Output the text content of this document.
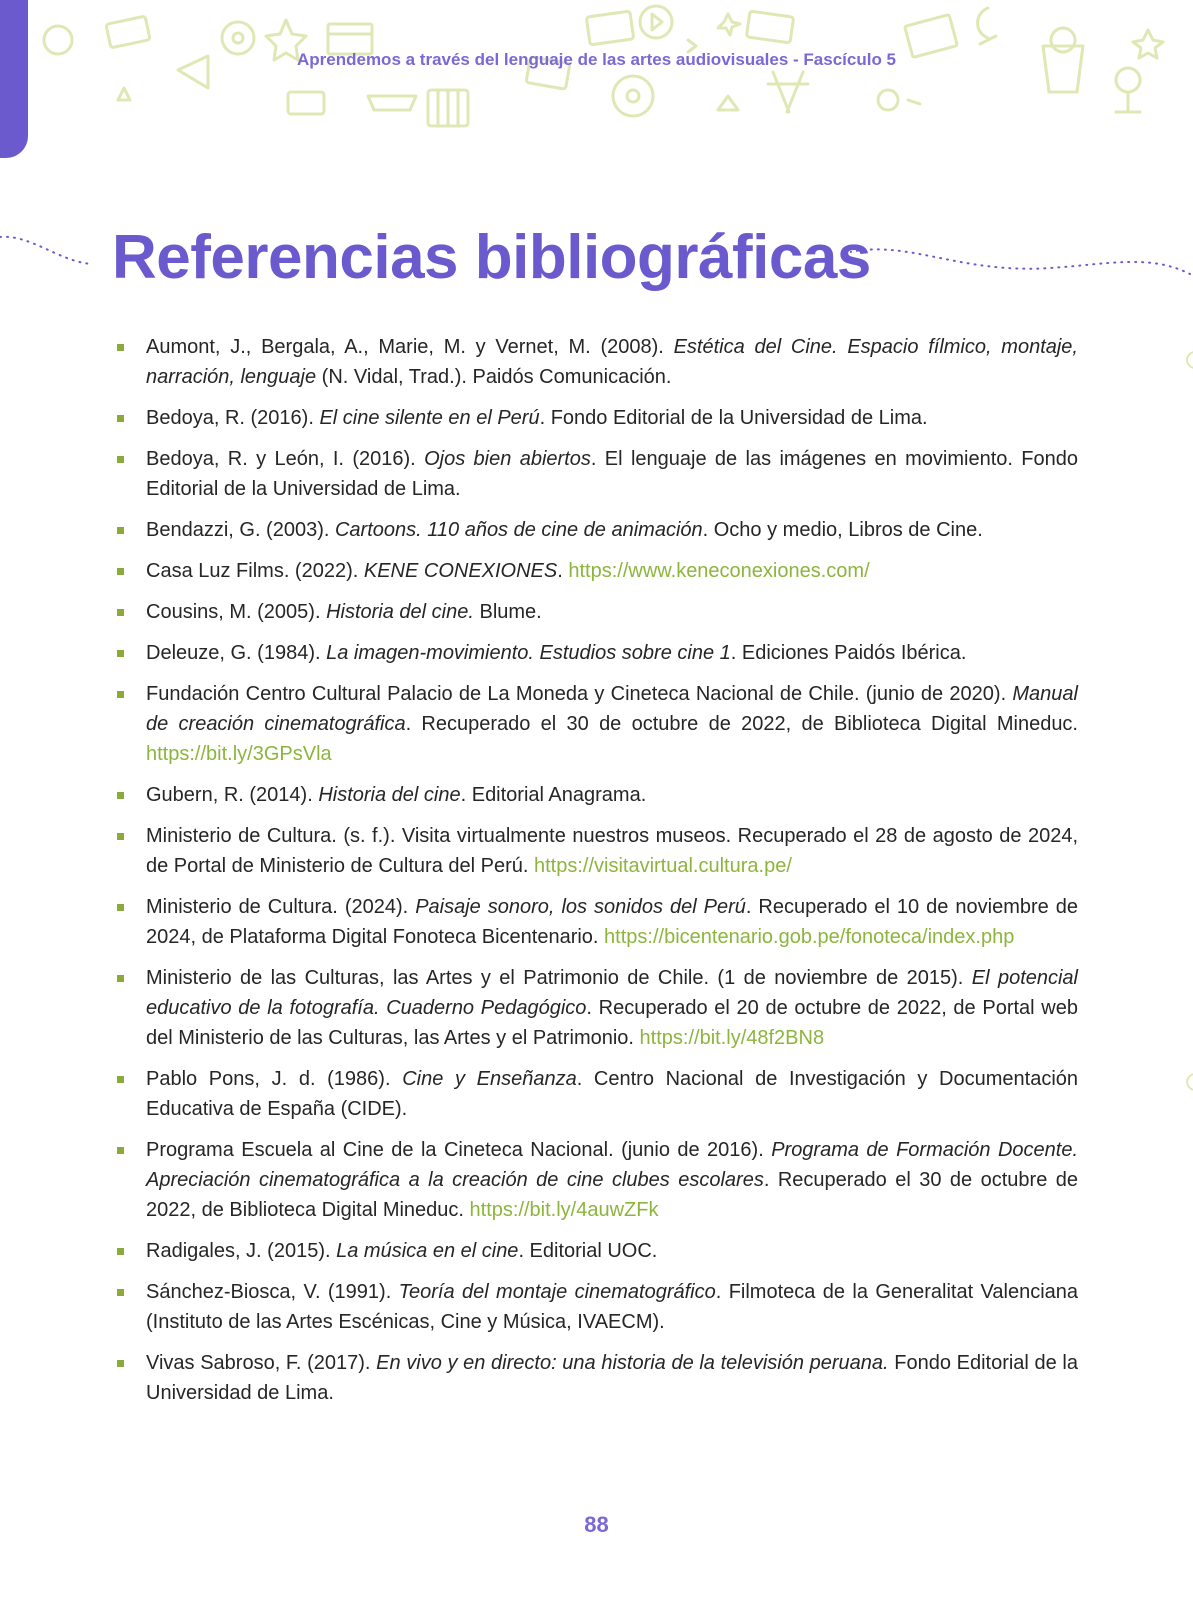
Aprendemos a través del lenguaje de las artes audiovisuales - Fascículo 5
Referencias bibliográficas
Aumont, J., Bergala, A., Marie, M. y Vernet, M. (2008). Estética del Cine. Espacio fílmico, montaje, narración, lenguaje (N. Vidal, Trad.). Paidós Comunicación.
Bedoya, R. (2016). El cine silente en el Perú. Fondo Editorial de la Universidad de Lima.
Bedoya, R. y León, I. (2016). Ojos bien abiertos. El lenguaje de las imágenes en movimiento. Fondo Editorial de la Universidad de Lima.
Bendazzi, G. (2003). Cartoons. 110 años de cine de animación. Ocho y medio, Libros de Cine.
Casa Luz Films. (2022). KENE CONEXIONES. https://www.keneconexiones.com/
Cousins, M. (2005). Historia del cine. Blume.
Deleuze, G. (1984). La imagen-movimiento. Estudios sobre cine 1. Ediciones Paidós Ibérica.
Fundación Centro Cultural Palacio de La Moneda y Cineteca Nacional de Chile. (junio de 2020). Manual de creación cinematográfica. Recuperado el 30 de octubre de 2022, de Biblioteca Digital Mineduc. https://bit.ly/3GPsVla
Gubern, R. (2014). Historia del cine. Editorial Anagrama.
Ministerio de Cultura. (s. f.). Visita virtualmente nuestros museos. Recuperado el 28 de agosto de 2024, de Portal de Ministerio de Cultura del Perú. https://visitavirtual.cultura.pe/
Ministerio de Cultura. (2024). Paisaje sonoro, los sonidos del Perú. Recuperado el 10 de noviembre de 2024, de Plataforma Digital Fonoteca Bicentenario. https://bicentenario.gob.pe/fonoteca/index.php
Ministerio de las Culturas, las Artes y el Patrimonio de Chile. (1 de noviembre de 2015). El potencial educativo de la fotografía. Cuaderno Pedagógico. Recuperado el 20 de octubre de 2022, de Portal web del Ministerio de las Culturas, las Artes y el Patrimonio. https://bit.ly/48f2BN8
Pablo Pons, J. d. (1986). Cine y Enseñanza. Centro Nacional de Investigación y Documentación Educativa de España (CIDE).
Programa Escuela al Cine de la Cineteca Nacional. (junio de 2016). Programa de Formación Docente. Apreciación cinematográfica a la creación de cine clubes escolares. Recuperado el 30 de octubre de 2022, de Biblioteca Digital Mineduc. https://bit.ly/4auwZFk
Radigales, J. (2015). La música en el cine. Editorial UOC.
Sánchez-Biosca, V. (1991). Teoría del montaje cinematográfico. Filmoteca de la Generalitat Valenciana (Instituto de las Artes Escénicas, Cine y Música, IVAECM).
Vivas Sabroso, F. (2017). En vivo y en directo: una historia de la televisión peruana. Fondo Editorial de la Universidad de Lima.
88
